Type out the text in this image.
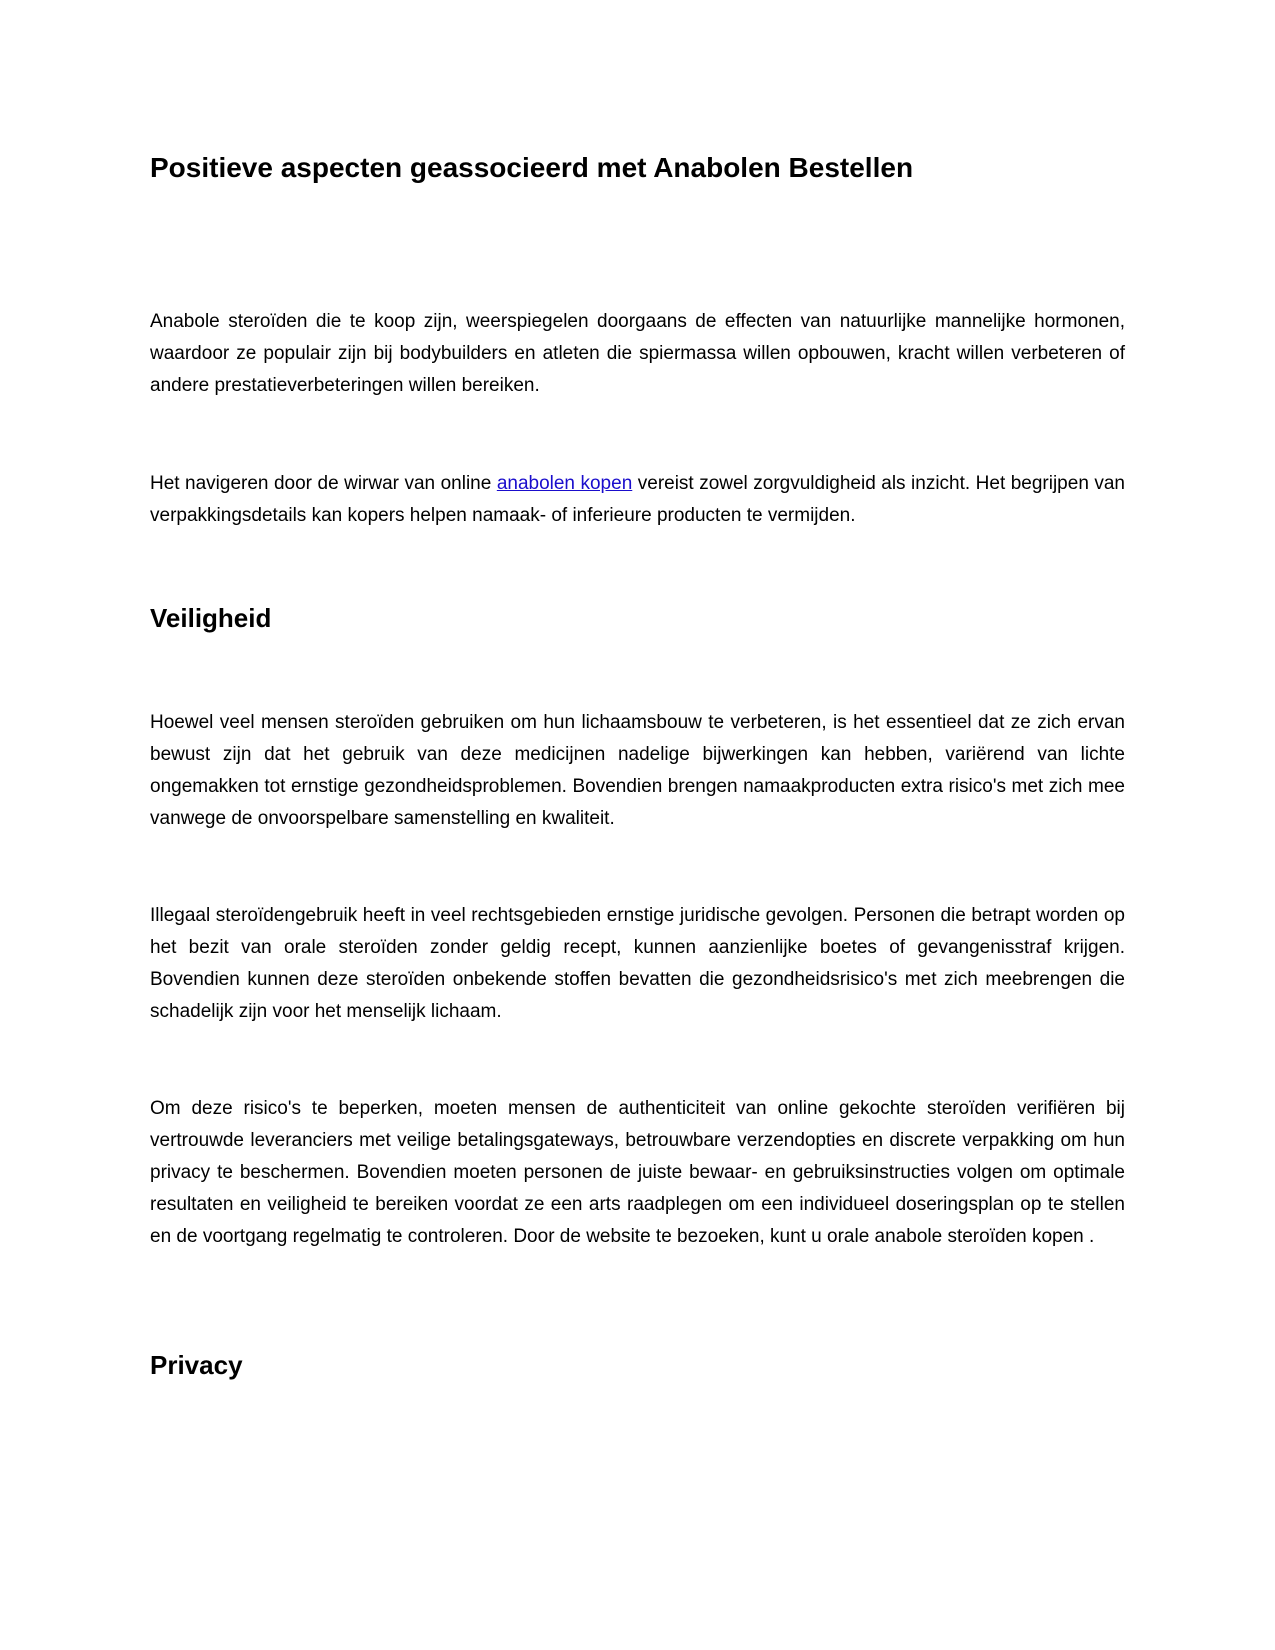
Positieve aspecten geassocieerd met Anabolen Bestellen

Anabole steroïden die te koop zijn, weerspiegelen doorgaans de effecten van natuurlijke mannelijke hormonen, waardoor ze populair zijn bij bodybuilders en atleten die spiermassa willen opbouwen, kracht willen verbeteren of andere prestatieverbeteringen willen bereiken.

Het navigeren door de wirwar van online anabolen kopen vereist zowel zorgvuldigheid als inzicht. Het begrijpen van verpakkingsdetails kan kopers helpen namaak- of inferieure producten te vermijden.

Veiligheid

Hoewel veel mensen steroïden gebruiken om hun lichaamsbouw te verbeteren, is het essentieel dat ze zich ervan bewust zijn dat het gebruik van deze medicijnen nadelige bijwerkingen kan hebben, variërend van lichte ongemakken tot ernstige gezondheidsproblemen. Bovendien brengen namaakproducten extra risico's met zich mee vanwege de onvoorspelbare samenstelling en kwaliteit.

Illegaal steroïdengebruik heeft in veel rechtsgebieden ernstige juridische gevolgen. Personen die betrapt worden op het bezit van orale steroïden zonder geldig recept, kunnen aanzienlijke boetes of gevangenisstraf krijgen. Bovendien kunnen deze steroïden onbekende stoffen bevatten die gezondheidsrisico's met zich meebrengen die schadelijk zijn voor het menselijk lichaam.

Om deze risico's te beperken, moeten mensen de authenticiteit van online gekochte steroïden verifiëren bij vertrouwde leveranciers met veilige betalingsgateways, betrouwbare verzendopties en discrete verpakking om hun privacy te beschermen. Bovendien moeten personen de juiste bewaar- en gebruiksinstructies volgen om optimale resultaten en veiligheid te bereiken voordat ze een arts raadplegen om een individueel doseringsplan op te stellen en de voortgang regelmatig te controleren. Door de website te bezoeken, kunt u orale anabole steroïden kopen .

Privacy
